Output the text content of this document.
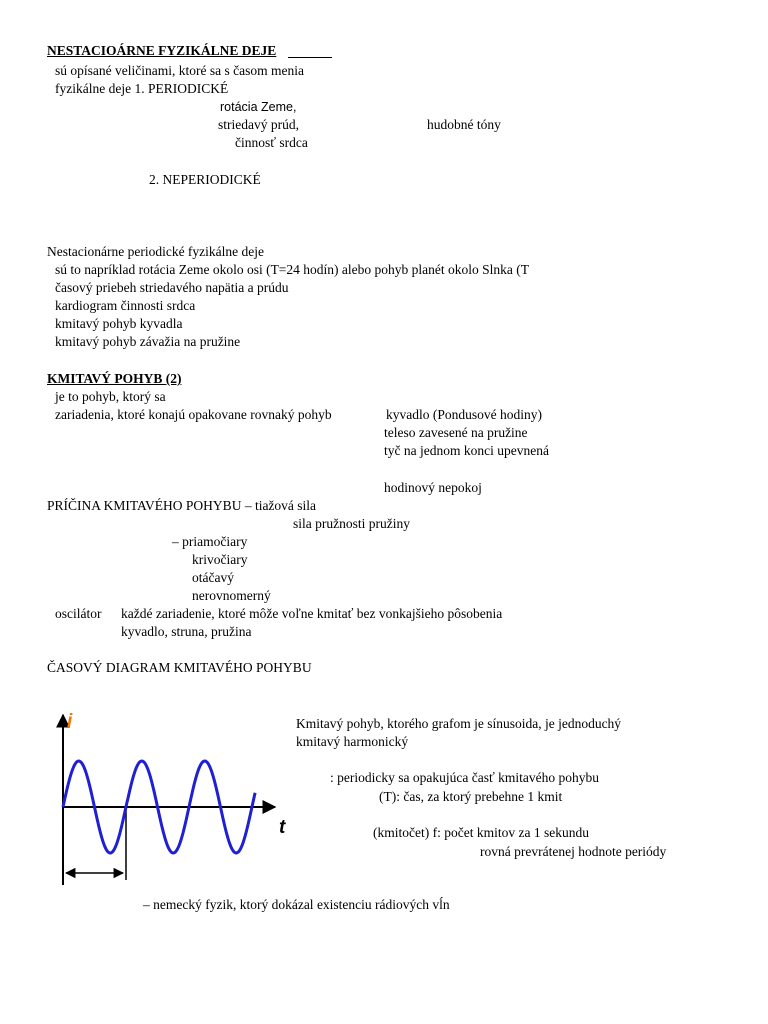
NESTACIOÁRNE FYZIKÁLNE DEJE
sú opísané veličinami, ktoré sa s časom menia
fyzikálne deje 1. PERIODICKÉ
rotácia Zeme,
striedavý prúd,	hudobné tóny
činnosť srdca
2. NEPERIODICKÉ
Nestacionárne periodické fyzikálne deje
sú to napríklad rotácia Zeme okolo osi (T=24 hodín) alebo pohyb planét okolo Slnka (T
časový priebeh striedavého napätia a prúdu
kardiogram činnosti srdca
kmitavý pohyb kyvadla
kmitavý pohyb závažia na pružine
KMITAVÝ POHYB (2)
je to pohyb, ktorý sa
zariadenia, ktoré konajú opakovane rovnaký pohyb	kyvadlo (Pondusové hodiny)
teleso zavesené na pružine
tyč na jednom konci upevnená
hodinový nepokoj
PRÍČINA KMITAVÉHO POHYBU – tiažová sila
sila pružnosti pružiny
– priamočiary
krivočiary
otáčavý
nerovnomerný
oscilátor každé zariadenie, ktoré môže voľne kmitať bez vonkajšieho pôsobenia
kyvadlo, struna, pružina
ČASOVÝ DIAGRAM KMITAVÉHO POHYBU
i
t
Kmitavý pohyb, ktorého grafom je sínusoida, je jednoduchý
kmitavý harmonický
: periodicky sa opakujúca časť kmitavého pohybu
(T): čas, za ktorý prebehne 1 kmit
(kmitočet) f: počet kmitov za 1 sekundu
rovná prevrátenej hodnote periódy
– nemecký fyzik, ktorý dokázal existenciu rádiových vĺn
